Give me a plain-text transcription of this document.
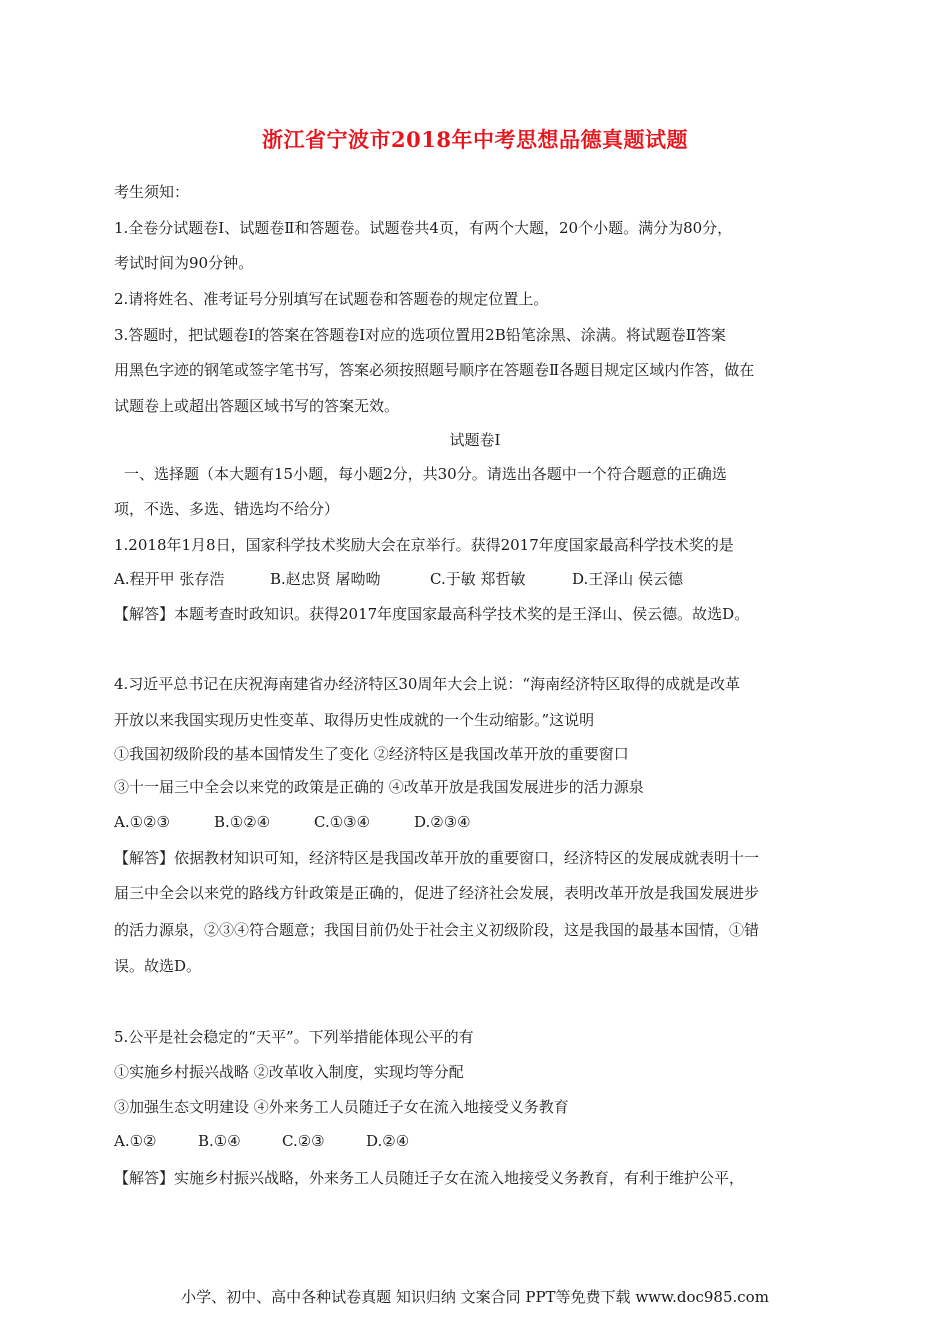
浙江省宁波市2018年中考思想品德真题试题
考生须知：
1.全卷分试题卷Ⅰ、试题卷Ⅱ和答题卷。试题卷共4页，有两个大题，20个小题。满分为80分，
考试时间为90分钟。
2.请将姓名、准考证号分别填写在试题卷和答题卷的规定位置上。
3.答题时，把试题卷Ⅰ的答案在答题卷Ⅰ对应的选项位置用2B铅笔涂黑、涂满。将试题卷Ⅱ答案
用黑色字迹的钢笔或签字笔书写，答案必须按照题号顺序在答题卷Ⅱ各题目规定区域内作答，做在
试题卷上或超出答题区域书写的答案无效。
试题卷Ⅰ
一、选择题（本大题有15小题，每小题2分，共30分。请选出各题中一个符合题意的正确选
项，不选、多选、错选均不给分）
1.2018年1月8日，国家科学技术奖励大会在京举行。获得2017年度国家最高科学技术奖的是
A.程开甲 张存浩	B.赵忠贤 屠呦呦	C.于敏 郑哲敏	D.王泽山 侯云德
【解答】本题考查时政知识。获得2017年度国家最高科学技术奖的是王泽山、侯云德。故选D。
4.习近平总书记在庆祝海南建省办经济特区30周年大会上说：“海南经济特区取得的成就是改革
开放以来我国实现历史性变革、取得历史性成就的一个生动缩影。”这说明
①我国初级阶段的基本国情发生了变化 ②经济特区是我国改革开放的重要窗口
③十一届三中全会以来党的政策是正确的 ④改革开放是我国发展进步的活力源泉
A.①②③	B.①②④	C.①③④	D.②③④
【解答】依据教材知识可知，经济特区是我国改革开放的重要窗口，经济特区的发展成就表明十一
届三中全会以来党的路线方针政策是正确的，促进了经济社会发展，表明改革开放是我国发展进步
的活力源泉，②③④符合题意；我国目前仍处于社会主义初级阶段，这是我国的最基本国情，①错
误。故选D。
5.公平是社会稳定的“天平”。下列举措能体现公平的有
①实施乡村振兴战略 ②改革收入制度，实现均等分配
③加强生态文明建设 ④外来务工人员随迁子女在流入地接受义务教育
A.①②	B.①④	C.②③	D.②④
【解答】实施乡村振兴战略，外来务工人员随迁子女在流入地接受义务教育，有利于维护公平，
小学、初中、高中各种试卷真题 知识归纳 文案合同 PPT等免费下载 www.doc985.com
